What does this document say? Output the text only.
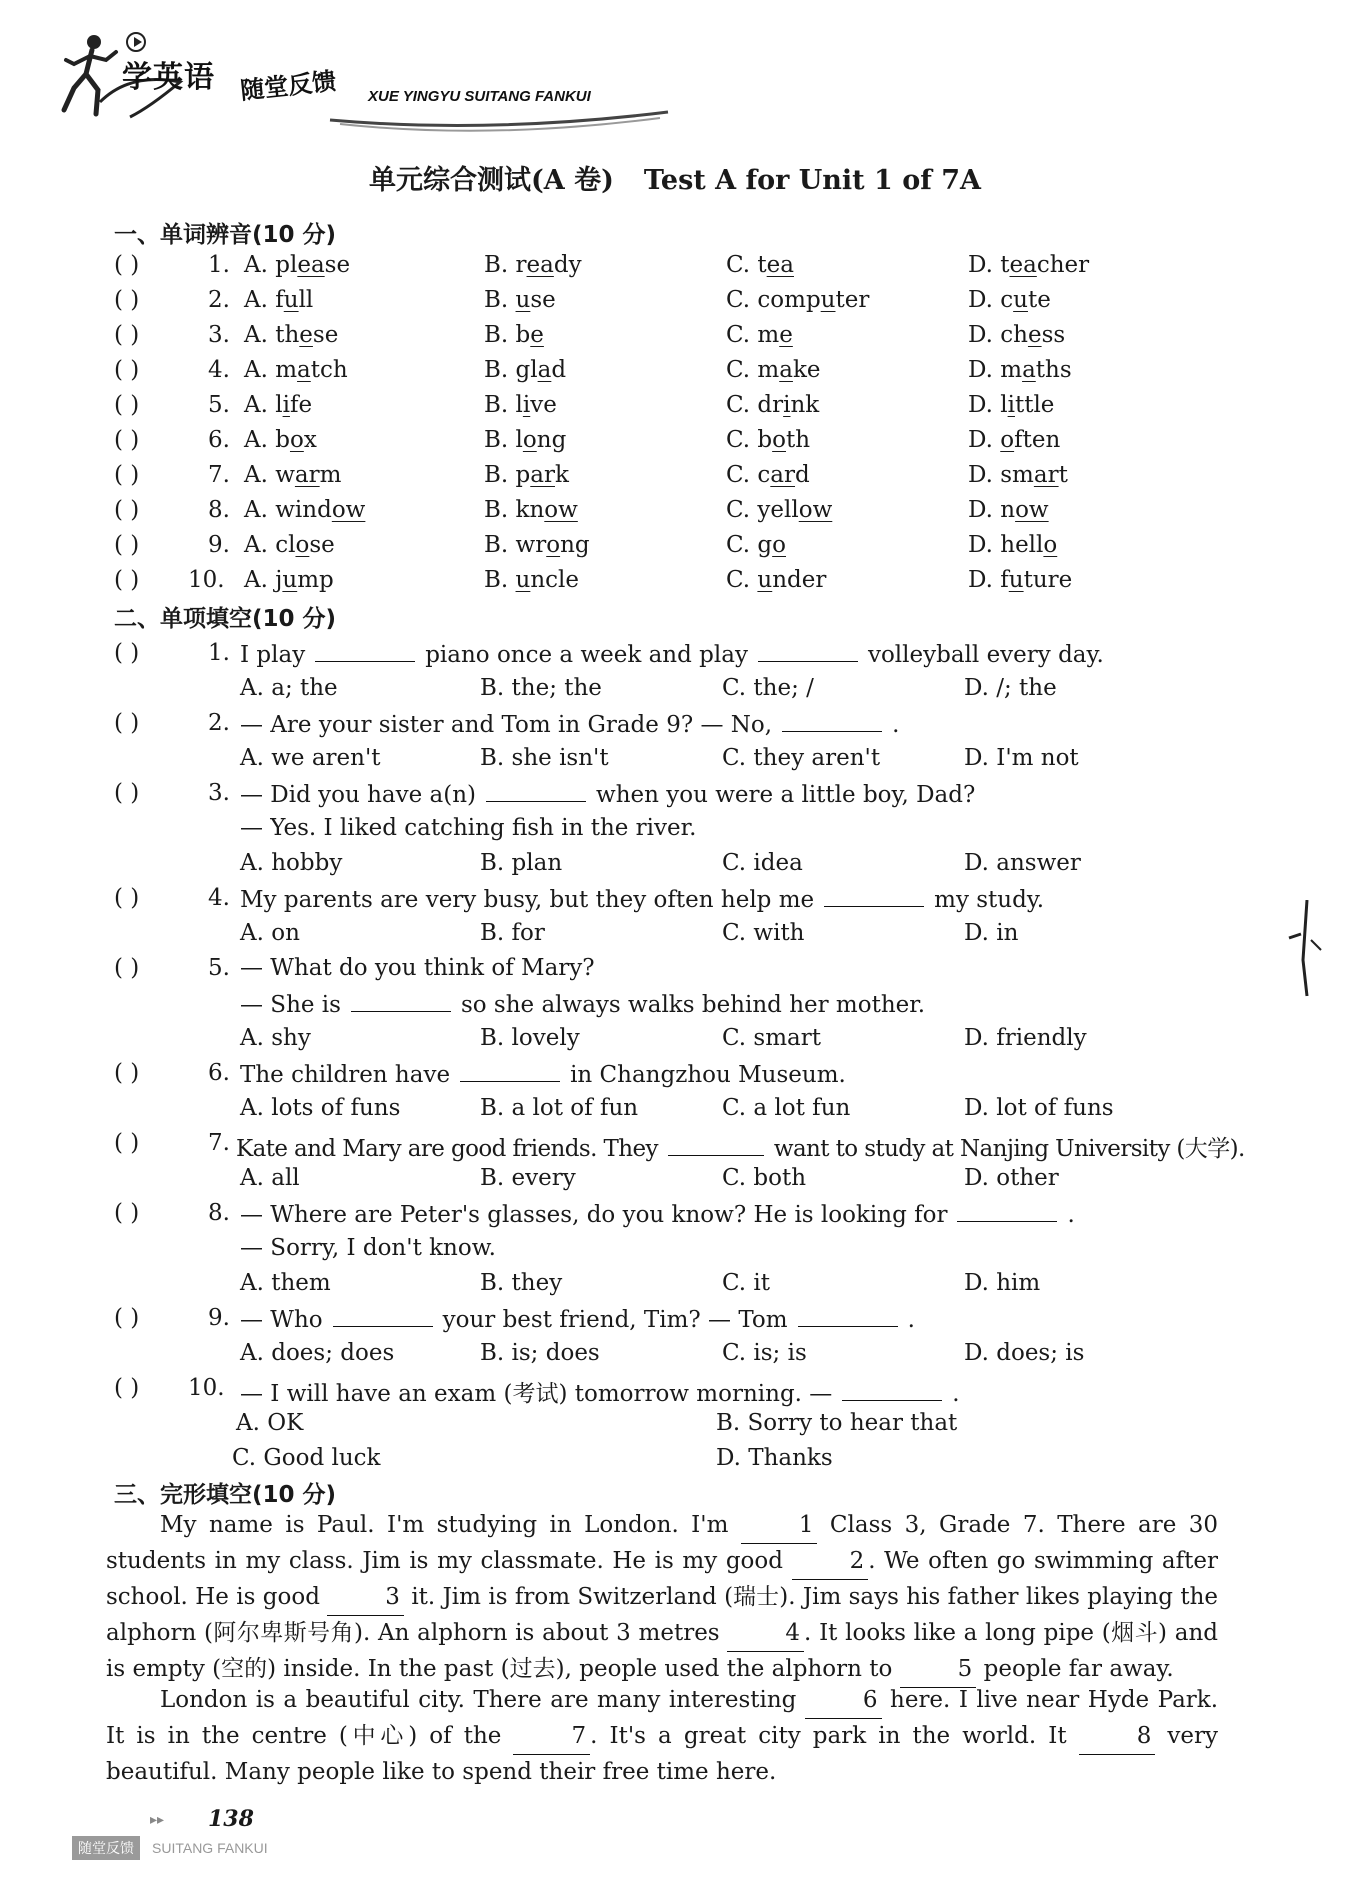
学英语 随堂反馈 XUE YINGYU SUITANG FANKUI
单元综合测试(A 卷) Test A for Unit 1 of 7A
一、单词辨音(10 分)
( )	1. A. please	B. ready	C. tea	D. teacher
( )	2. A. full	B. use	C. computer	D. cute
( )	3. A. these	B. be	C. me	D. chess
( )	4. A. match	B. glad	C. make	D. maths
( )	5. A. life	B. live	C. drink	D. little
( )	6. A. box	B. long	C. both	D. often
( )	7. A. warm	B. park	C. card	D. smart
( )	8. A. window	B. know	C. yellow	D. now
( )	9. A. close	B. wrong	C. go	D. hello
( ) 10. A. jump	B. uncle	C. under	D. future
二、单项填空(10 分)
( )	1. I play	piano once a week and play	volleyball every day.
A. a; the	B. the; the	C. the; /	D. /; the
( )	2. — Are your sister and Tom in Grade 9? — No,	.
A. we aren't	B. she isn't	C. they aren't	D. I'm not
( )	3. — Did you have a(n)	when you were a little boy, Dad?
— Yes. I liked catching fish in the river.
A. hobby	B. plan	C. idea	D. answer
( )	4. My parents are very busy, but they often help me	my study.
A. on	B. for	C. with	D. in
( )	5. — What do you think of Mary?
— She is	so she always walks behind her mother.
A. shy	B. lovely	C. smart	D. friendly
( )	6. The children have	in Changzhou Museum.
A. lots of funs	B. a lot of fun	C. a lot fun	D. lot of funs
( )	7. Kate and Mary are good friends. They	want to study at Nanjing University (大学).
A. all	B. every	C. both	D. other
( )	8. — Where are Peter's glasses, do you know? He is looking for	.
— Sorry, I don't know.
A. them	B. they	C. it	D. him
( )	9. — Who	your best friend, Tim? — Tom	.
A. does; does	B. is; does	C. is; is	D. does; is
( ) 10. — I will have an exam (考试) tomorrow morning. —	.
A. OK	B. Sorry to hear that
C. Good luck	D. Thanks
三、完形填空(10 分)
My name is Paul. I'm studying in London. I'm	1 Class 3, Grade 7. There are 30 students in my class. Jim is my classmate. He is my good	2 . We often go swimming after school. He is good	3 it. Jim is from Switzerland (瑞士). Jim says his father likes playing the alphorn (阿尔卑斯号角). An alphorn is about 3 metres	4 . It looks like a long pipe (烟斗) and is empty (空的) inside. In the past (过去), people used the alphorn to	5 people far away.
London is a beautiful city. There are many interesting	6 here. I live near Hyde Park. It is in the centre (中心) of the	7 . It's a great city park in the world. It	8 very beautiful. Many people like to spend their free time here.
▸▸ 138
随堂反馈	SUITANG FANKUI
